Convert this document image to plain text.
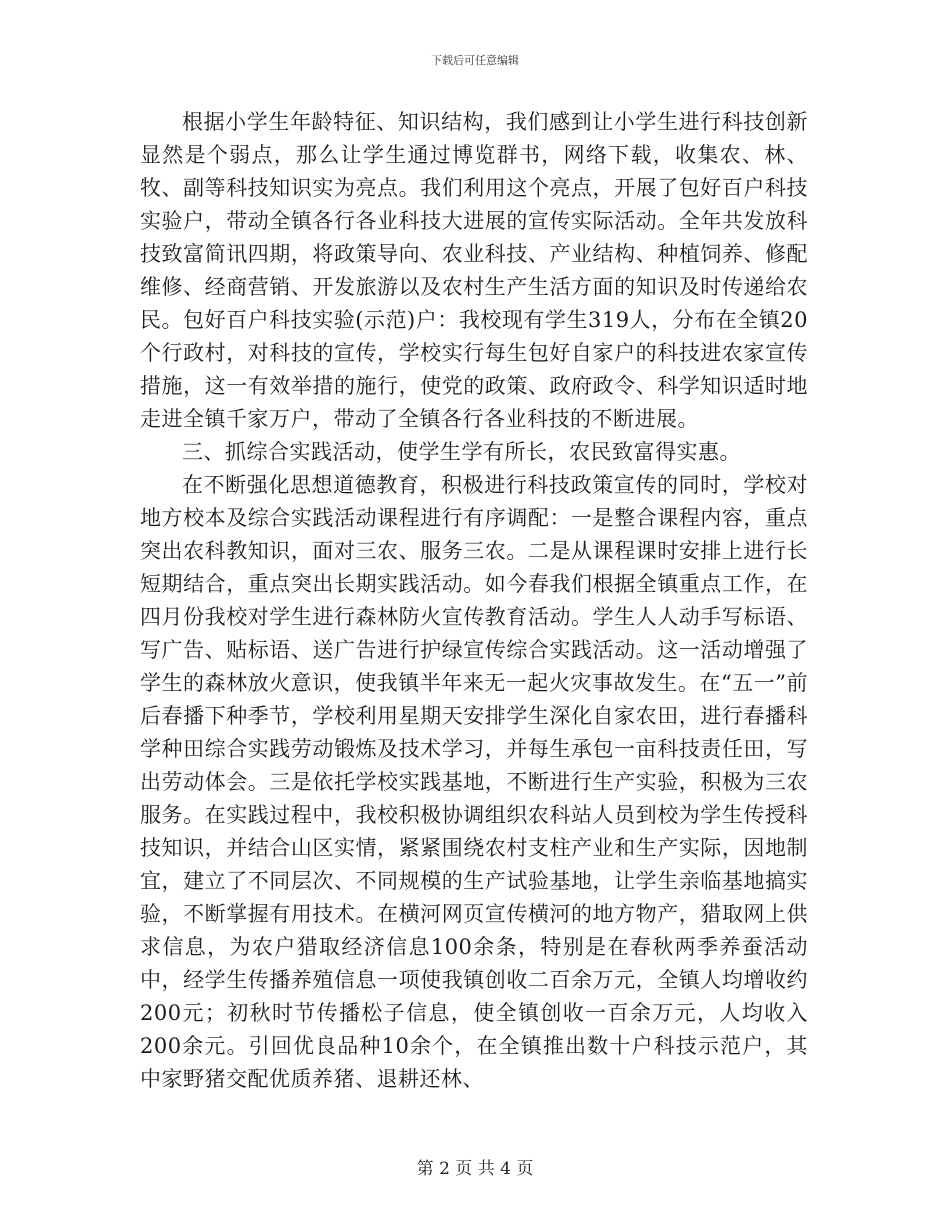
下载后可任意编辑

根据小学生年龄特征、知识结构，我们感到让小学生进行科技创新显然是个弱点，那么让学生通过博览群书，网络下载，收集农、林、牧、副等科技知识实为亮点。我们利用这个亮点，开展了包好百户科技实验户，带动全镇各行各业科技大进展的宣传实际活动。全年共发放科技致富简讯四期，将政策导向、农业科技、产业结构、种植饲养、修配维修、经商营销、开发旅游以及农村生产生活方面的知识及时传递给农民。包好百户科技实验(示范)户：我校现有学生319人，分布在全镇20个行政村，对科技的宣传，学校实行每生包好自家户的科技进农家宣传措施，这一有效举措的施行，使党的政策、政府政令、科学知识适时地走进全镇千家万户，带动了全镇各行各业科技的不断进展。

三、抓综合实践活动，使学生学有所长，农民致富得实惠。

在不断强化思想道德教育，积极进行科技政策宣传的同时，学校对地方校本及综合实践活动课程进行有序调配：一是整合课程内容，重点突出农科教知识，面对三农、服务三农。二是从课程课时安排上进行长短期结合，重点突出长期实践活动。如今春我们根据全镇重点工作，在四月份我校对学生进行森林防火宣传教育活动。学生人人动手写标语、写广告、贴标语、送广告进行护绿宣传综合实践活动。这一活动增强了学生的森林放火意识，使我镇半年来无一起火灾事故发生。在“五一”前后春播下种季节，学校利用星期天安排学生深化自家农田，进行春播科学种田综合实践劳动锻炼及技术学习，并每生承包一亩科技责任田，写出劳动体会。三是依托学校实践基地，不断进行生产实验，积极为三农服务。在实践过程中，我校积极协调组织农科站人员到校为学生传授科技知识，并结合山区实情，紧紧围绕农村支柱产业和生产实际，因地制宜，建立了不同层次、不同规模的生产试验基地，让学生亲临基地搞实验，不断掌握有用技术。在横河网页宣传横河的地方物产，猎取网上供求信息，为农户猎取经济信息100余条，特别是在春秋两季养蚕活动中，经学生传播养殖信息一项使我镇创收二百余万元，全镇人均增收约200元；初秋时节传播松子信息，使全镇创收一百余万元，人均收入200余元。引回优良品种10余个，在全镇推出数十户科技示范户，其中家野猪交配优质养猪、退耕还林、

第 2 页 共 4 页
